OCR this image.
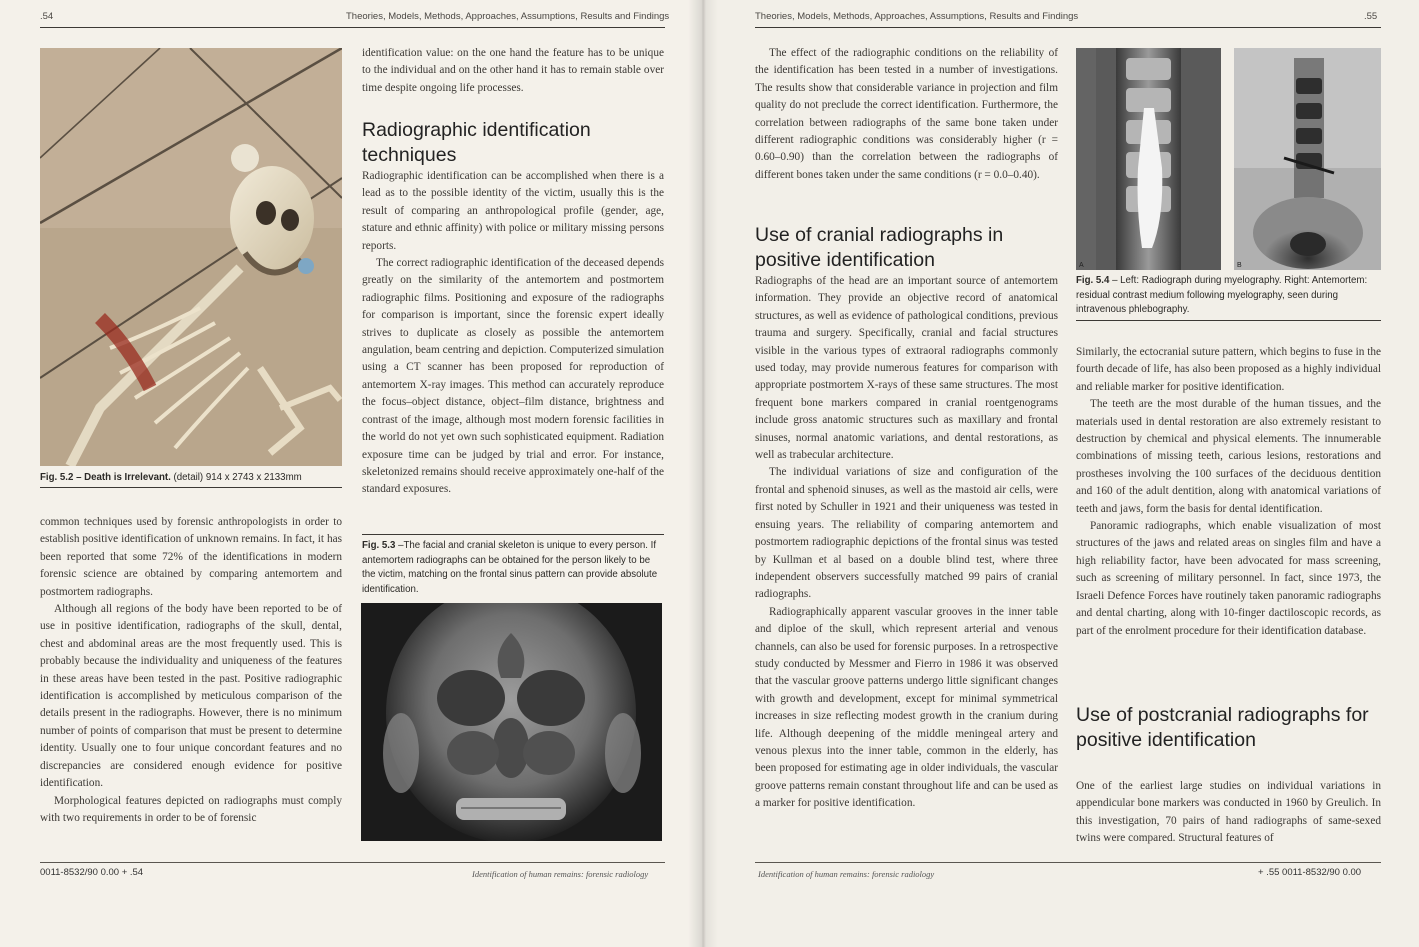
.54	Theories, Models, Methods, Approaches, Assumptions, Results and Findings
Fig. 5.2 – Death is Irrelevant. (detail) 914 x 2743 x 2133mm

common techniques used by forensic anthropologists in order to establish positive identification of unknown remains. In fact, it has been reported that some 72% of the identifications in modern forensic science are obtained by comparing antemortem and postmortem radiographs.

Although all regions of the body have been reported to be of use in positive identification, radiographs of the skull, dental, chest and abdominal areas are the most frequently used. This is probably because the individuality and uniqueness of the features in these areas have been tested in the past. Positive radiographic identification is accomplished by meticulous comparison of the details present in the radiographs. However, there is no minimum number of points of comparison that must be present to determine identity. Usually one to four unique concordant features and no discrepancies are considered enough evidence for positive identification.

Morphological features depicted on radiographs must comply with two requirements in order to be of forensic

identification value: on the one hand the feature has to be unique to the individual and on the other hand it has to remain stable over time despite ongoing life processes.

Radiographic identification techniques

Radiographic identification can be accomplished when there is a lead as to the possible identity of the victim, usually this is the result of comparing an anthropological profile (gender, age, stature and ethnic affinity) with police or military missing persons reports.

The correct radiographic identification of the deceased depends greatly on the similarity of the antemortem and postmortem radiographic films. Positioning and exposure of the radiographs for comparison is important, since the forensic expert ideally strives to duplicate as closely as possible the antemortem angulation, beam centring and depiction. Computerized simulation using a CT scanner has been proposed for reproduction of antemortem X-ray images. This method can accurately reproduce the focus–object distance, object–film distance, brightness and contrast of the image, although most modern forensic facilities in the world do not yet own such sophisticated equipment. Radiation exposure time can be judged by trial and error. For instance, skeletonized remains should receive approximately one-half of the standard exposures.

Fig. 5.3 –The facial and cranial skeleton is unique to every person. If antemortem radiographs can be obtained for the person likely to be the victim, matching on the frontal sinus pattern can provide absolute identification.
0011-8532/90 0.00 + .54	Identification of human remains: forensic radiology
Theories, Models, Methods, Approaches, Assumptions, Results and Findings	.55

The effect of the radiographic conditions on the reliability of the identification has been tested in a number of investigations. The results show that considerable variance in projection and film quality do not preclude the correct identification. Furthermore, the correlation between radiographs of the same bone taken under different radiographic conditions was considerably higher (r = 0.60–0.90) than the correlation between the radiographs of different bones taken under the same conditions (r = 0.0–0.40).

Use of cranial radiographs in positive identification

Radiographs of the head are an important source of antemortem information. They provide an objective record of anatomical structures, as well as evidence of pathological conditions, previous trauma and surgery. Specifically, cranial and facial structures visible in the various types of extraoral radiographs commonly used today, may provide numerous features for comparison with appropriate postmortem X-rays of these same structures. The most frequent bone markers compared in cranial roentgenograms include gross anatomic structures such as maxillary and frontal sinuses, normal anatomic variations, and dental restorations, as well as trabecular architecture.

The individual variations of size and configuration of the frontal and sphenoid sinuses, as well as the mastoid air cells, were first noted by Schuller in 1921 and their uniqueness was tested in ensuing years. The reliability of comparing antemortem and postmortem radiographic depictions of the frontal sinus was tested by Kullman et al based on a double blind test, where three independent observers successfully matched 99 pairs of cranial radiographs.

Radiographically apparent vascular grooves in the inner table and diploe of the skull, which represent arterial and venous channels, can also be used for forensic purposes. In a retrospective study conducted by Messmer and Fierro in 1986 it was observed that the vascular groove patterns undergo little significant changes with growth and development, except for minimal symmetrical increases in size reflecting modest growth in the cranium during life. Although deepening of the middle meningeal artery and venous plexus into the inner table, common in the elderly, has been proposed for estimating age in older individuals, the vascular groove patterns remain constant throughout life and can be used as a marker for positive identification.

A	B
Fig. 5.4 – Left: Radiograph during myelography. Right: Antemortem: residual contrast medium following myelography, seen during intravenous phlebography.

Similarly, the ectocranial suture pattern, which begins to fuse in the fourth decade of life, has also been proposed as a highly individual and reliable marker for positive identification.

The teeth are the most durable of the human tissues, and the materials used in dental restoration are also extremely resistant to destruction by chemical and physical elements. The innumerable combinations of missing teeth, carious lesions, restorations and prostheses involving the 100 surfaces of the deciduous dentition and 160 of the adult dentition, along with anatomical variations of teeth and jaws, form the basis for dental identification.

Panoramic radiographs, which enable visualization of most structures of the jaws and related areas on singles film and have a high reliability factor, have been advocated for mass screening, such as screening of military personnel. In fact, since 1973, the Israeli Defence Forces have routinely taken panoramic radiographs and dental charting, along with 10-finger dactiloscopic records, as part of the enrolment procedure for their identification database.

Use of postcranial radiographs for positive identification

One of the earliest large studies on individual variations in appendicular bone markers was conducted in 1960 by Greulich. In this investigation, 70 pairs of hand radiographs of same-sexed twins were compared. Structural features of

Identification of human remains: forensic radiology	+ .55 0011-8532/90 0.00
